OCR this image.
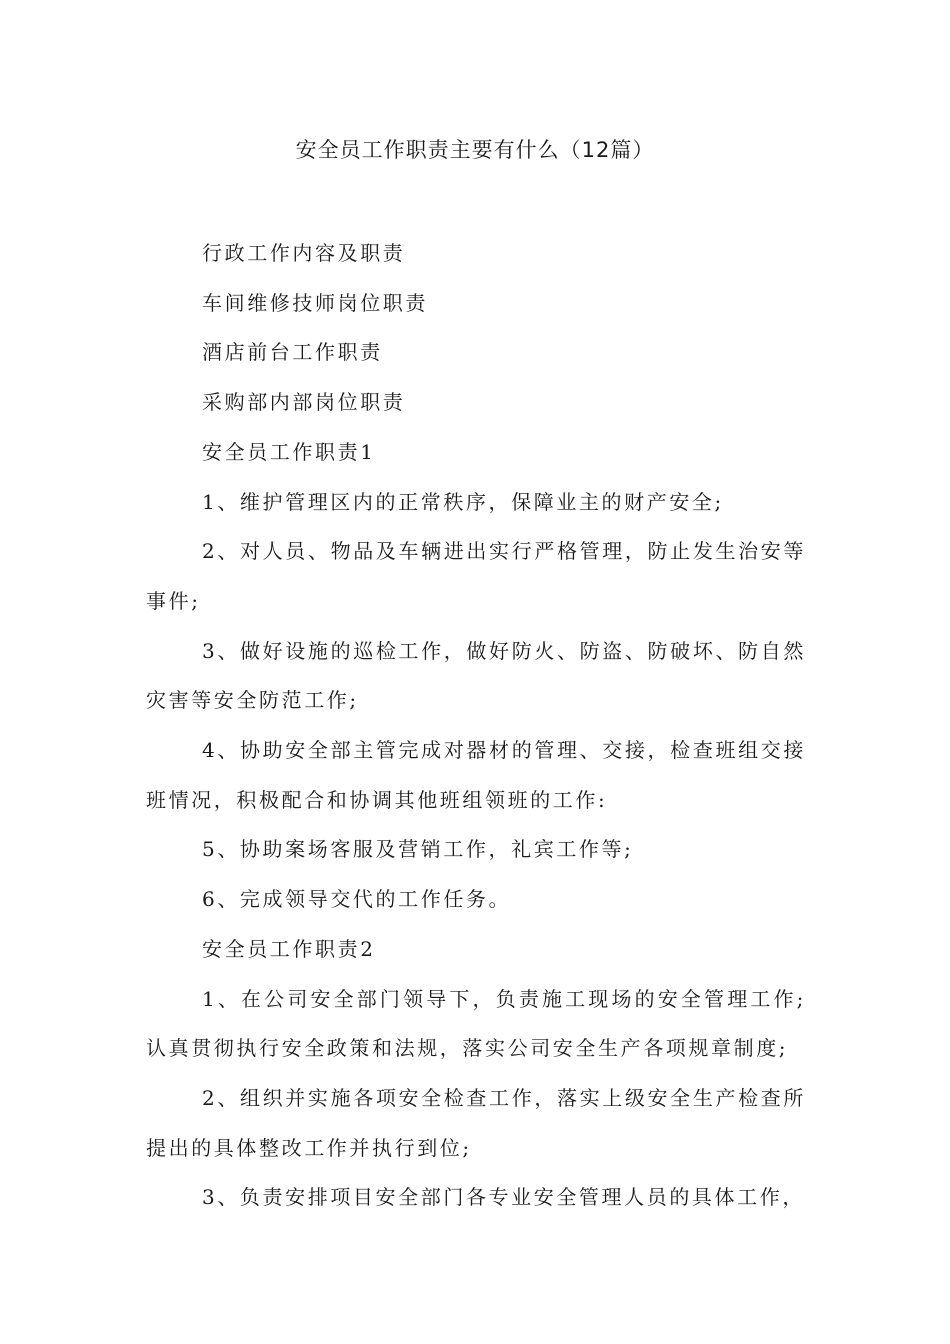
安全员工作职责主要有什么（12篇）

行政工作内容及职责

车间维修技师岗位职责

酒店前台工作职责

采购部内部岗位职责

安全员工作职责1

1、维护管理区内的正常秩序，保障业主的财产安全;

2、对人员、物品及车辆进出实行严格管理，防止发生治安等事件;

3、做好设施的巡检工作，做好防火、防盗、防破坏、防自然灾害等安全防范工作;

4、协助安全部主管完成对器材的管理、交接，检查班组交接班情况，积极配合和协调其他班组领班的工作:

5、协助案场客服及营销工作，礼宾工作等;

6、完成领导交代的工作任务。

安全员工作职责2

1、在公司安全部门领导下，负责施工现场的安全管理工作;认真贯彻执行安全政策和法规，落实公司安全生产各项规章制度;

2、组织并实施各项安全检查工作，落实上级安全生产检查所提出的具体整改工作并执行到位;

3、负责安排项目安全部门各专业安全管理人员的具体工作，
